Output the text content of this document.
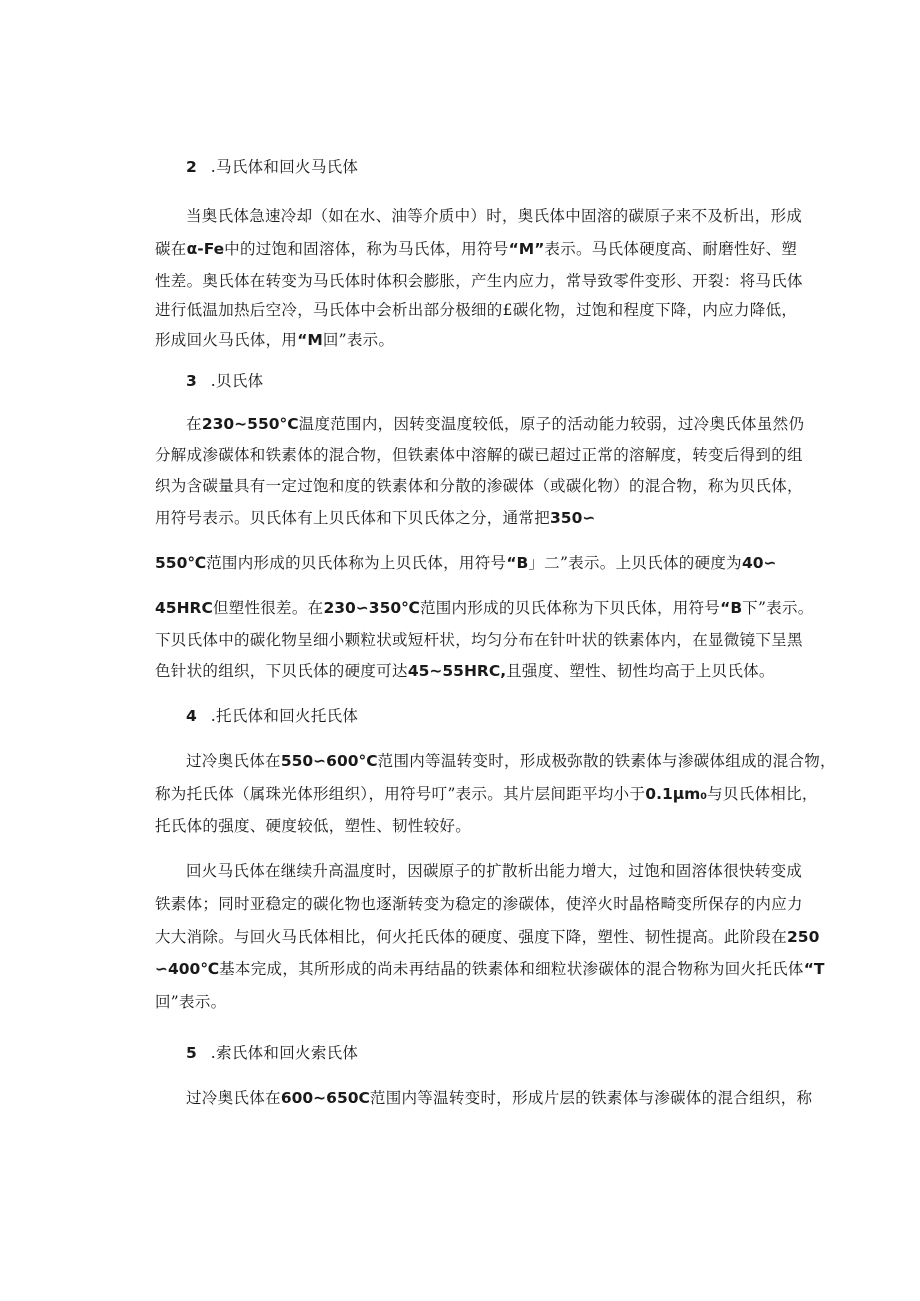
2 .马氏体和回火马氏体
当奥氏体急速冷却（如在水、油等介质中）时，奥氏体中固溶的碳原子来不及析出，形成
碳在α-Fe中的过饱和固溶体，称为马氏体，用符号“M”表示。马氏体硬度高、耐磨性好、塑
性差。奥氏体在转变为马氏体时体积会膨胀，产生内应力，常导致零件变形、开裂：将马氏体
进行低温加热后空冷，马氏体中会析出部分极细的£碳化物，过饱和程度下降，内应力降低，
形成回火马氏体，用“M回”表示。
3 .贝氏体
在230~550°C温度范围内，因转变温度较低，原子的活动能力较弱，过冷奥氏体虽然仍
分解成渗碳体和铁素体的混合物，但铁素体中溶解的碳已超过正常的溶解度，转变后得到的组
织为含碳量具有一定过饱和度的铁素体和分散的渗碳体（或碳化物）的混合物，称为贝氏体，
用符号表示。贝氏体有上贝氏体和下贝氏体之分，通常把350∽
550℃范围内形成的贝氏体称为上贝氏体，用符号“B」二”表示。上贝氏体的硬度为40∽
45HRC但塑性很差。在230∽350℃范围内形成的贝氏体称为下贝氏体，用符号“B下”表示。
下贝氏体中的碳化物呈细小颗粒状或短杆状，均匀分布在针叶状的铁素体内，在显微镜下呈黑
色针状的组织，下贝氏体的硬度可达45~55HRC,且强度、塑性、韧性均高于上贝氏体。
4 .托氏体和回火托氏体
过冷奥氏体在550∽600°C范围内等温转变时，形成极弥散的铁素体与渗碳体组成的混合物，
称为托氏体（属珠光体形组织），用符号叮”表示。其片层间距平均小于0.1μm₀与贝氏体相比，
托氏体的强度、硬度较低，塑性、韧性较好。
回火马氏体在继续升高温度时，因碳原子的扩散析出能力增大，过饱和固溶体很快转变成
铁素体；同时亚稳定的碳化物也逐渐转变为稳定的渗碳体，使淬火时晶格畸变所保存的内应力
大大消除。与回火马氏体相比，何火托氏体的硬度、强度下降，塑性、韧性提高。此阶段在250
∽400℃基本完成，其所形成的尚未再结晶的铁素体和细粒状渗碳体的混合物称为回火托氏体“T
回”表示。
5 .索氏体和回火索氏体
过冷奥氏体在600~650C范围内等温转变时，形成片层的铁素体与渗碳体的混合组织，称
